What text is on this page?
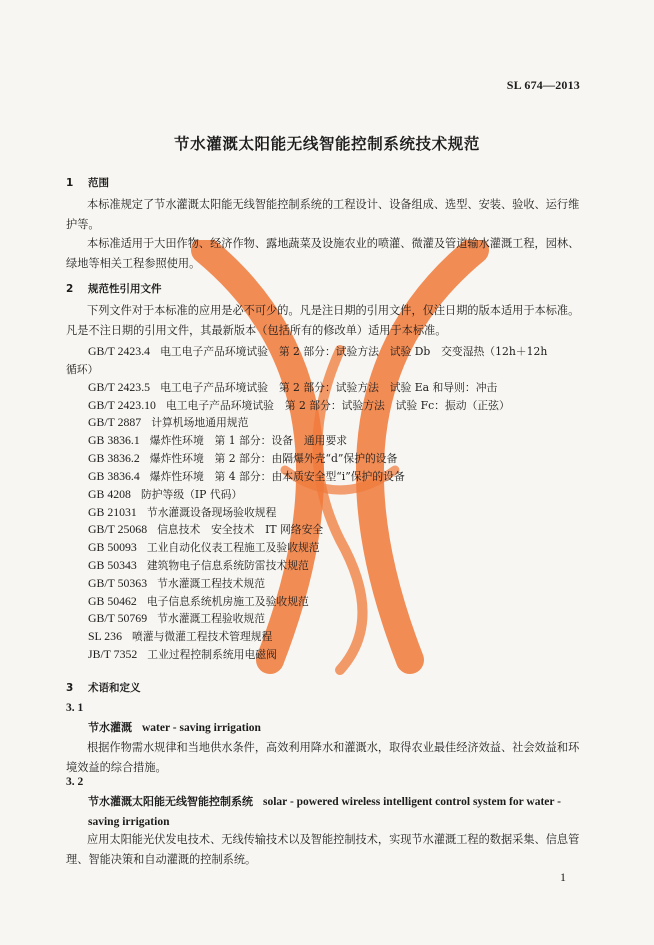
SL 674—2013
节水灌溉太阳能无线智能控制系统技术规范
1 范围
本标准规定了节水灌溉太阳能无线智能控制系统的工程设计、设备组成、选型、安装、验收、运行维护等。
本标准适用于大田作物、经济作物、露地蔬菜及设施农业的喷灌、微灌及管道输水灌溉工程，园林、绿地等相关工程参照使用。
2 规范性引用文件
下列文件对于本标准的应用是必不可少的。凡是注日期的引用文件，仅注日期的版本适用于本标准。凡是不注日期的引用文件，其最新版本（包括所有的修改单）适用于本标准。
GB/T 2423.4 电工电子产品环境试验　第 2 部分：试验方法　试验 Db　交变湿热（12h＋12h
循环）
GB/T 2423.5 电工电子产品环境试验　第 2 部分：试验方法　试验 Ea 和导则：冲击
GB/T 2423.10 电工电子产品环境试验　第 2 部分：试验方法　试验 Fc：振动（正弦）
GB/T 2887 计算机场地通用规范
GB 3836.1 爆炸性环境　第 1 部分：设备　通用要求
GB 3836.2 爆炸性环境　第 2 部分：由隔爆外壳“d”保护的设备
GB 3836.4 爆炸性环境　第 4 部分：由本质安全型“i”保护的设备
GB 4208 防护等级（IP 代码）
GB 21031 节水灌溉设备现场验收规程
GB/T 25068 信息技术　安全技术　IT 网络安全
GB 50093 工业自动化仪表工程施工及验收规范
GB 50343 建筑物电子信息系统防雷技术规范
GB/T 50363 节水灌溉工程技术规范
GB 50462 电子信息系统机房施工及验收规范
GB/T 50769 节水灌溉工程验收规范
SL 236 喷灌与微灌工程技术管理规程
JB/T 7352 工业过程控制系统用电磁阀
3 术语和定义
3. 1
节水灌溉 water - saving irrigation
根据作物需水规律和当地供水条件，高效利用降水和灌溉水，取得农业最佳经济效益、社会效益和环境效益的综合措施。
3. 2
节水灌溉太阳能无线智能控制系统 solar - powered wireless intelligent control system for water - saving irrigation
应用太阳能光伏发电技术、无线传输技术以及智能控制技术，实现节水灌溉工程的数据采集、信息管理、智能决策和自动灌溉的控制系统。
1
